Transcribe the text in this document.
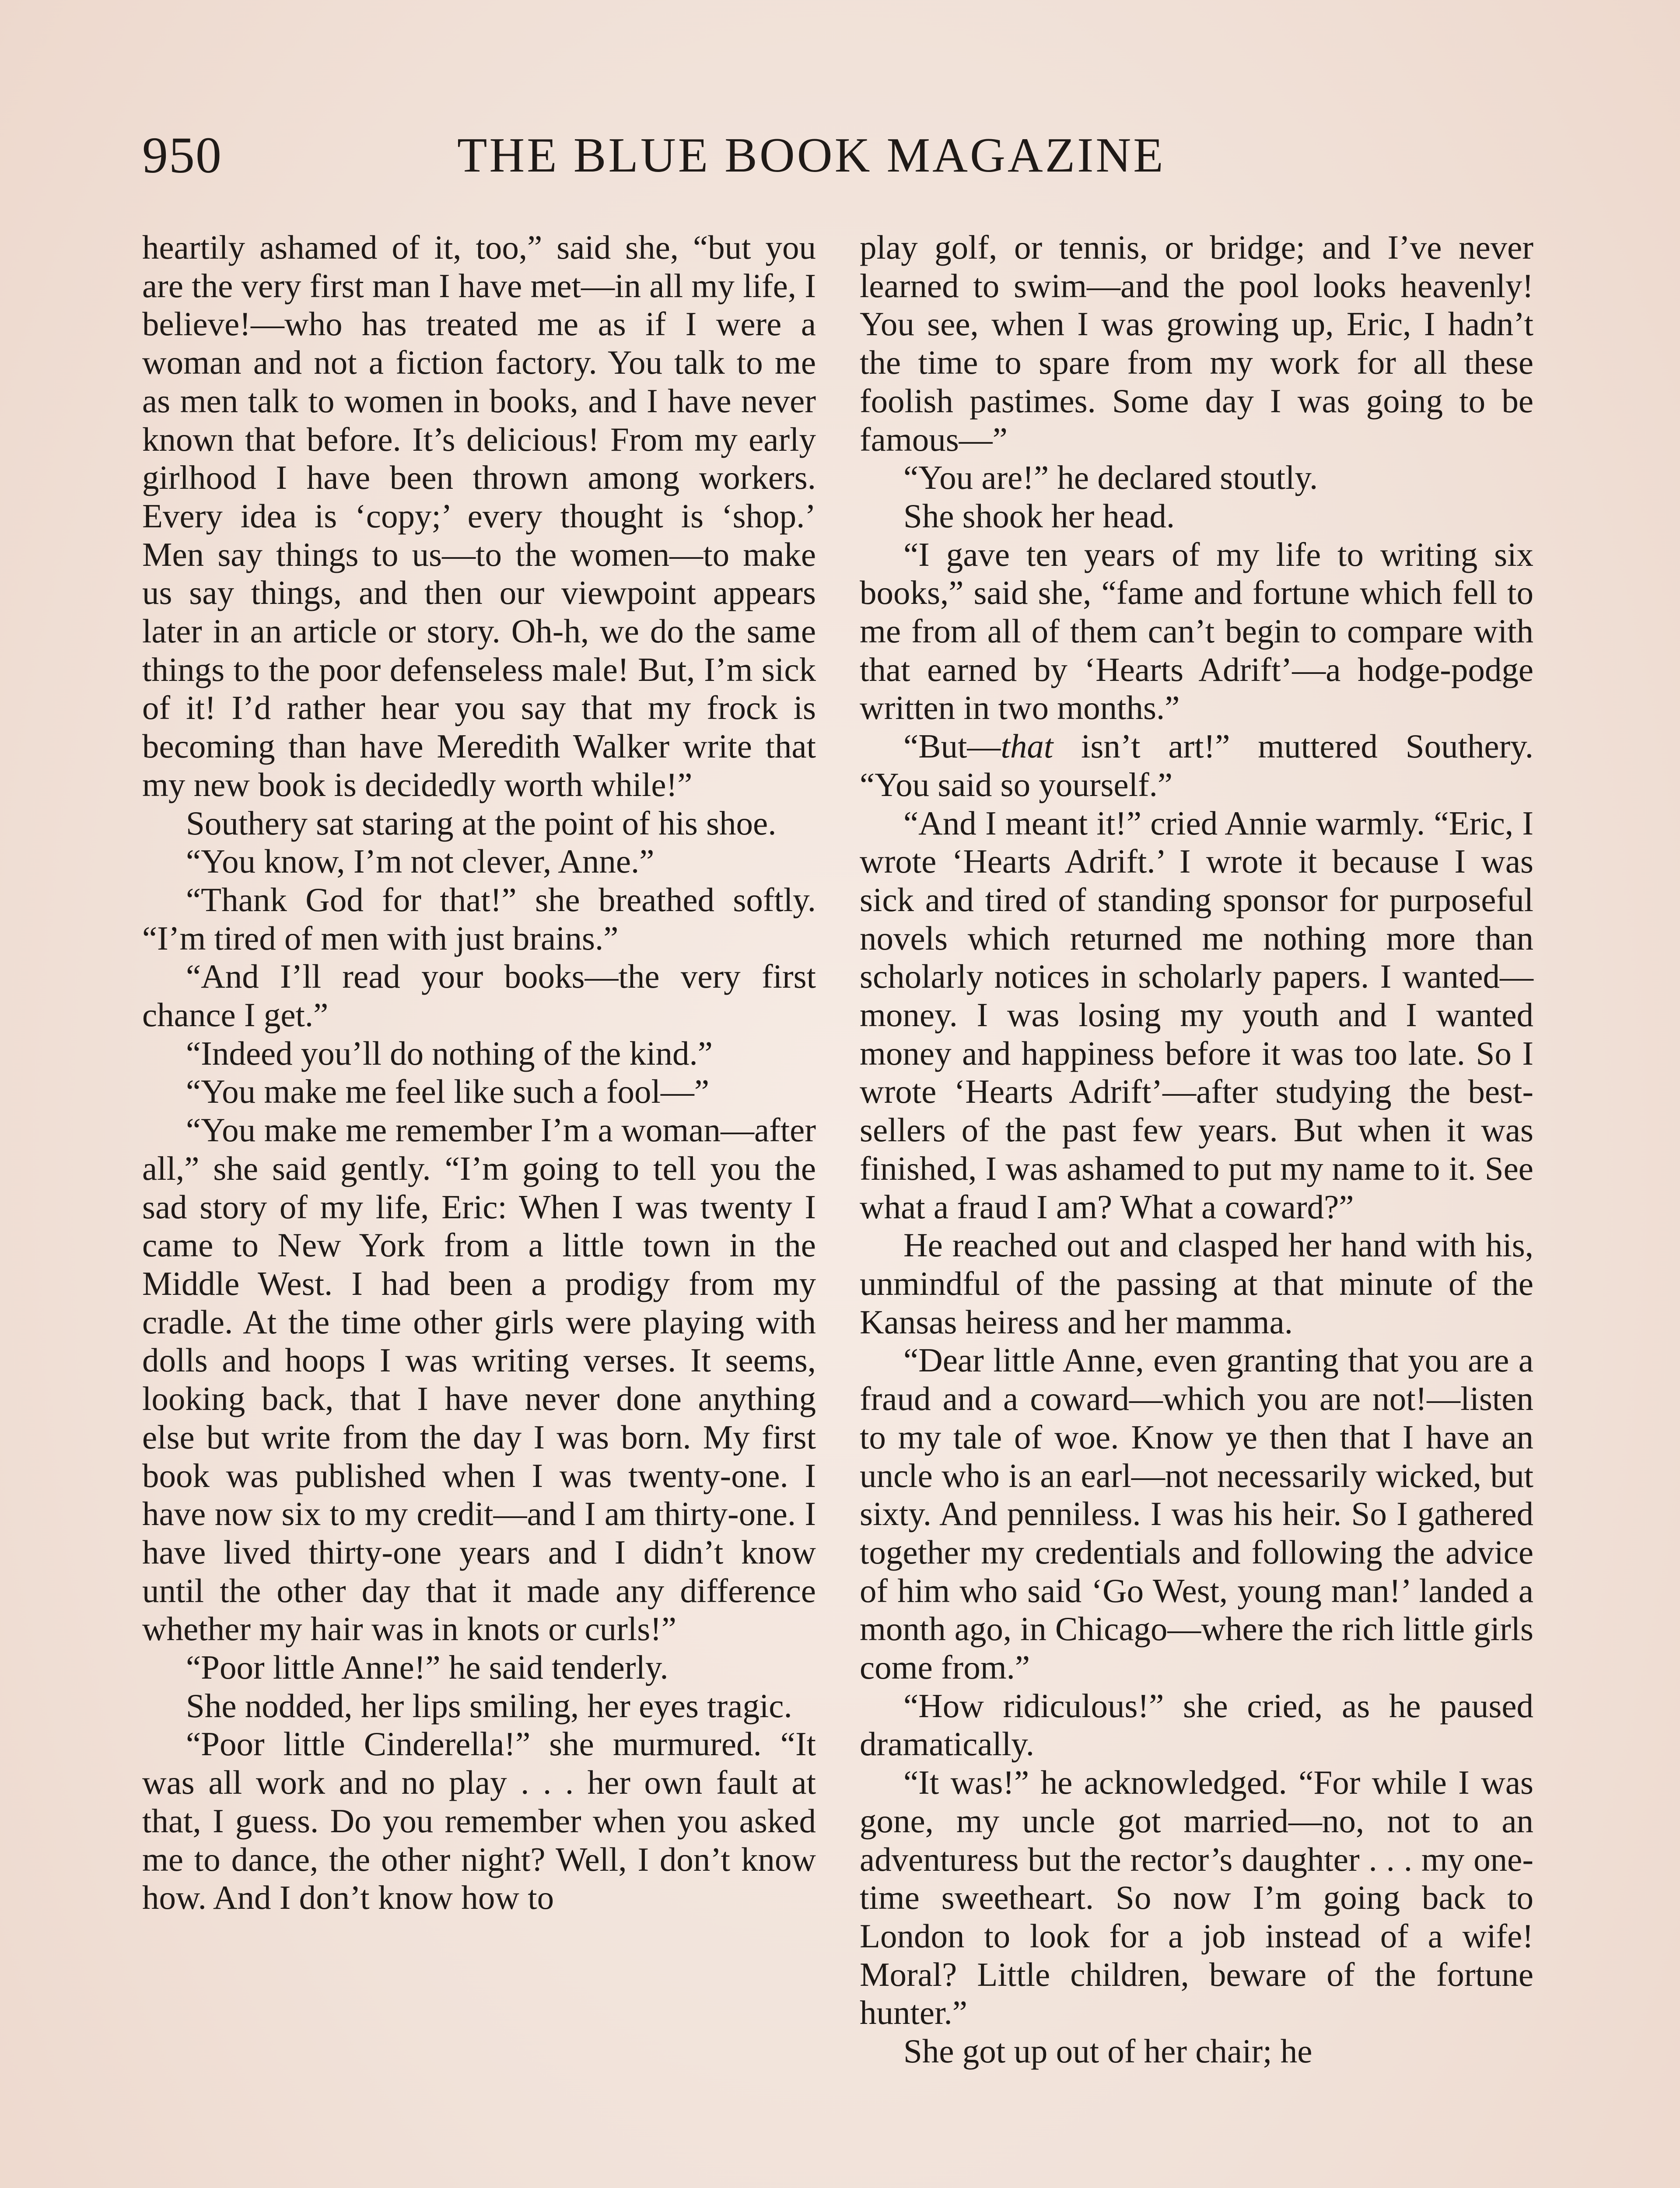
950	THE BLUE BOOK MAGAZINE

heartily ashamed of it, too,” said she, “but you are the very first man I have met—in all my life, I believe!—who has treated me as if I were a woman and not a fiction factory. You talk to me as men talk to women in books, and I have never known that before. It’s delicious! From my early girlhood I have been thrown among workers. Every idea is ‘copy;’ every thought is ‘shop.’ Men say things to us—to the women—to make us say things, and then our viewpoint appears later in an article or story. Oh-h, we do the same things to the poor defenseless male! But, I’m sick of it! I’d rather hear you say that my frock is becoming than have Meredith Walker write that my new book is decidedly worth while!”

Southery sat staring at the point of his shoe.

“You know, I’m not clever, Anne.”

“Thank God for that!” she breathed softly. “I’m tired of men with just brains.”

“And I’ll read your books—the very first chance I get.”

“Indeed you’ll do nothing of the kind.”

“You make me feel like such a fool—”

“You make me remember I’m a woman—after all,” she said gently. “I’m going to tell you the sad story of my life, Eric: When I was twenty I came to New York from a little town in the Middle West. I had been a prodigy from my cradle. At the time other girls were playing with dolls and hoops I was writing verses. It seems, looking back, that I have never done anything else but write from the day I was born. My first book was published when I was twenty-one. I have now six to my credit—and I am thirty-one. I have lived thirty-one years and I didn’t know until the other day that it made any difference whether my hair was in knots or curls!”

“Poor little Anne!” he said tenderly.

She nodded, her lips smiling, her eyes tragic.

“Poor little Cinderella!” she murmured. “It was all work and no play . . . her own fault at that, I guess. Do you remember when you asked me to dance, the other night? Well, I don’t know how. And I don’t know how to

play golf, or tennis, or bridge; and I’ve never learned to swim—and the pool looks heavenly! You see, when I was growing up, Eric, I hadn’t the time to spare from my work for all these foolish pastimes. Some day I was going to be famous—”

“You are!” he declared stoutly.

She shook her head.

“I gave ten years of my life to writing six books,” said she, “fame and fortune which fell to me from all of them can’t begin to compare with that earned by ‘Hearts Adrift’—a hodge-podge written in two months.”

“But—that isn’t art!” muttered Southery. “You said so yourself.”

“And I meant it!” cried Annie warmly. “Eric, I wrote ‘Hearts Adrift.’ I wrote it because I was sick and tired of standing sponsor for purposeful novels which returned me nothing more than scholarly notices in scholarly papers. I wanted—money. I was losing my youth and I wanted money and happiness before it was too late. So I wrote ‘Hearts Adrift’—after studying the best-sellers of the past few years. But when it was finished, I was ashamed to put my name to it. See what a fraud I am? What a coward?”

He reached out and clasped her hand with his, unmindful of the passing at that minute of the Kansas heiress and her mamma.

“Dear little Anne, even granting that you are a fraud and a coward—which you are not!—listen to my tale of woe. Know ye then that I have an uncle who is an earl—not necessarily wicked, but sixty. And penniless. I was his heir. So I gathered together my credentials and following the advice of him who said ‘Go West, young man!’ landed a month ago, in Chicago—where the rich little girls come from.”

“How ridiculous!” she cried, as he paused dramatically.

“It was!” he acknowledged. “For while I was gone, my uncle got married—no, not to an adventuress but the rector’s daughter . . . my one-time sweetheart. So now I’m going back to London to look for a job instead of a wife! Moral? Little children, beware of the fortune hunter.”

She got up out of her chair; he
